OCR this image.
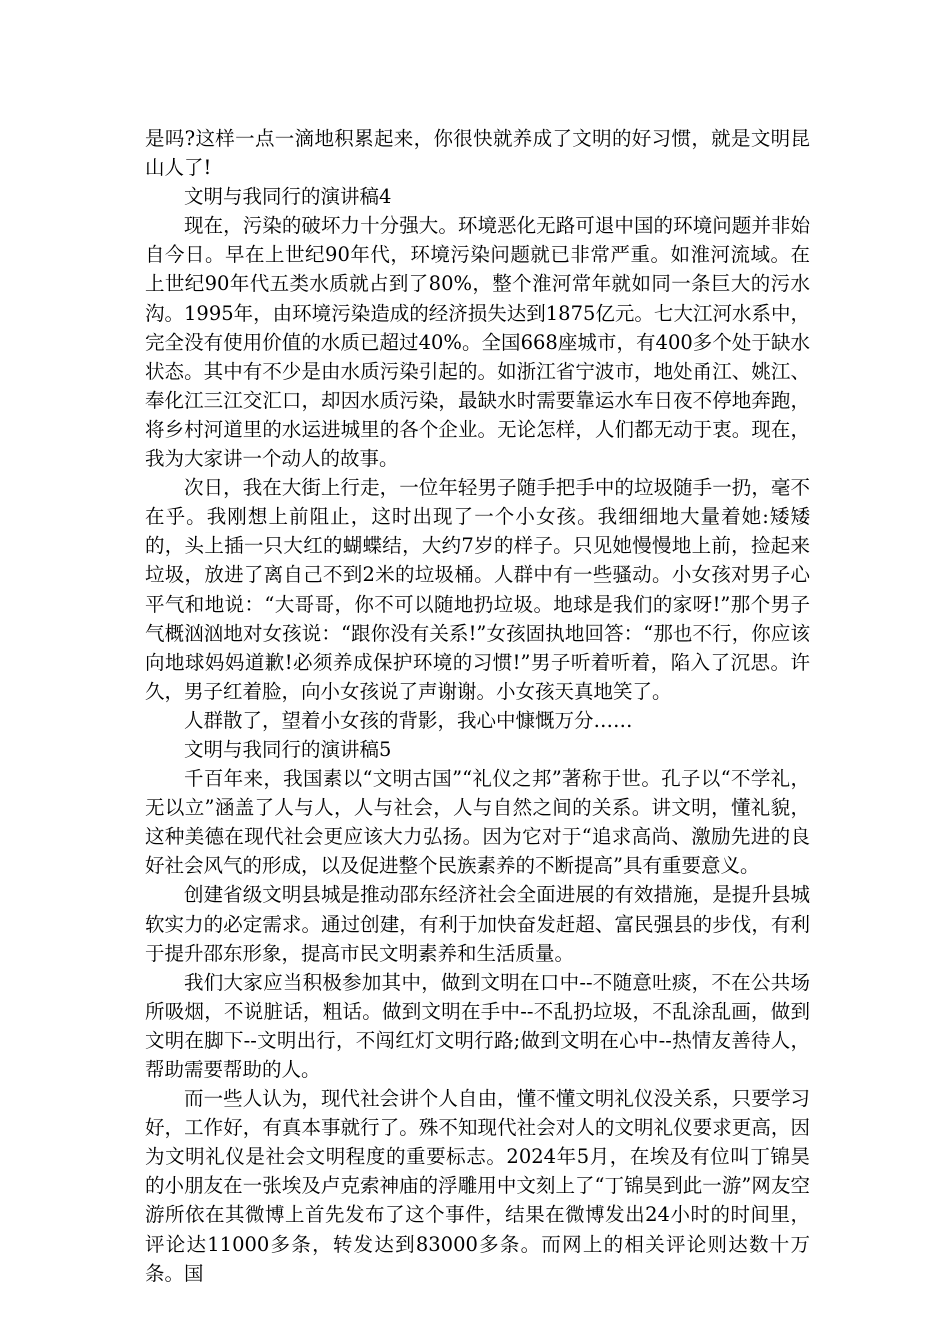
是吗?这样一点一滴地积累起来，你很快就养成了文明的好习惯，就是文明昆山人了!

文明与我同行的演讲稿4

现在，污染的破坏力十分强大。环境恶化无路可退中国的环境问题并非始自今日。早在上世纪90年代，环境污染问题就已非常严重。如淮河流域。在上世纪90年代五类水质就占到了80%，整个淮河常年就如同一条巨大的污水沟。1995年，由环境污染造成的经济损失达到1875亿元。七大江河水系中，完全没有使用价值的水质已超过40%。全国668座城市，有400多个处于缺水状态。其中有不少是由水质污染引起的。如浙江省宁波市，地处甬江、姚江、奉化江三江交汇口，却因水质污染，最缺水时需要靠运水车日夜不停地奔跑，将乡村河道里的水运进城里的各个企业。无论怎样，人们都无动于衷。现在，我为大家讲一个动人的故事。

次日，我在大街上行走，一位年轻男子随手把手中的垃圾随手一扔，毫不在乎。我刚想上前阻止，这时出现了一个小女孩。我细细地大量着她:矮矮的，头上插一只大红的蝴蝶结，大约7岁的样子。只见她慢慢地上前，捡起来垃圾，放进了离自己不到2米的垃圾桶。人群中有一些骚动。小女孩对男子心平气和地说：“大哥哥，你不可以随地扔垃圾。地球是我们的家呀!”那个男子气概汹汹地对女孩说：“跟你没有关系!”女孩固执地回答：“那也不行，你应该向地球妈妈道歉!必须养成保护环境的习惯!”男子听着听着，陷入了沉思。许久，男子红着脸，向小女孩说了声谢谢。小女孩天真地笑了。

人群散了，望着小女孩的背影，我心中慷慨万分……

文明与我同行的演讲稿5

千百年来，我国素以“文明古国”“礼仪之邦”著称于世。孔子以“不学礼，无以立”涵盖了人与人，人与社会，人与自然之间的关系。讲文明，懂礼貌，这种美德在现代社会更应该大力弘扬。因为它对于“追求高尚、激励先进的良好社会风气的形成，以及促进整个民族素养的不断提高”具有重要意义。

创建省级文明县城是推动邵东经济社会全面进展的有效措施，是提升县城软实力的必定需求。通过创建，有利于加快奋发赶超、富民强县的步伐，有利于提升邵东形象，提高市民文明素养和生活质量。

我们大家应当积极参加其中，做到文明在口中--不随意吐痰，不在公共场所吸烟，不说脏话，粗话。做到文明在手中--不乱扔垃圾，不乱涂乱画，做到文明在脚下--文明出行，不闯红灯文明行路;做到文明在心中--热情友善待人，帮助需要帮助的人。

而一些人认为，现代社会讲个人自由，懂不懂文明礼仪没关系，只要学习好，工作好，有真本事就行了。殊不知现代社会对人的文明礼仪要求更高，因为文明礼仪是社会文明程度的重要标志。2024年5月，在埃及有位叫丁锦昊的小朋友在一张埃及卢克索神庙的浮雕用中文刻上了“丁锦昊到此一游”网友空游所依在其微博上首先发布了这个事件，结果在微博发出24小时的时间里，评论达11000多条，转发达到83000多条。而网上的相关评论则达数十万条。国
